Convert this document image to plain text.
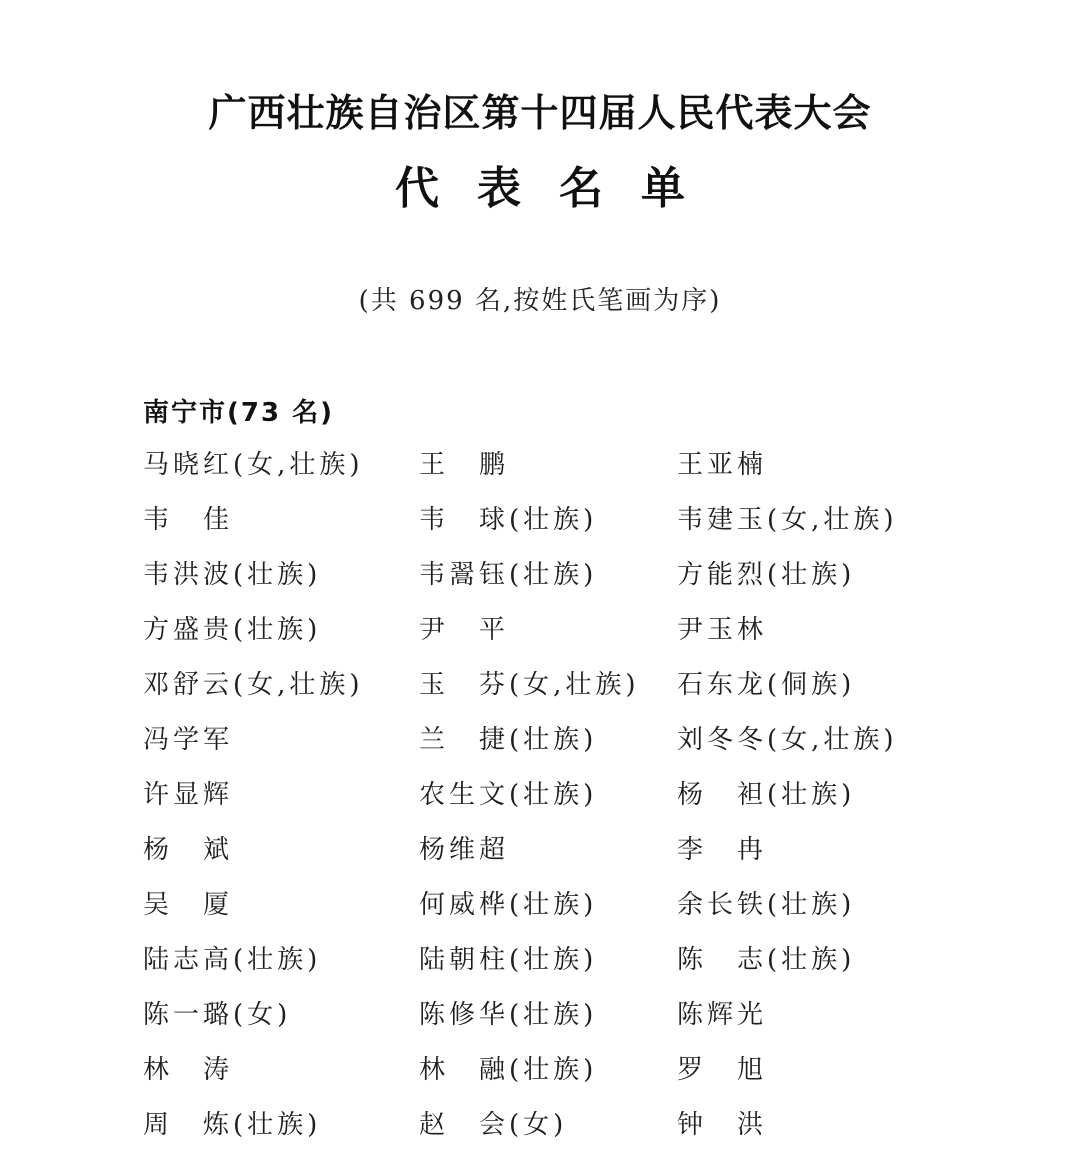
广西壮族自治区第十四届人民代表大会
代表名单
(共 699 名,按姓氏笔画为序)
南宁市(73 名)
马晓红(女,壮族) 王　鹏	王亚楠
韦　佳	韦　球(壮族)	韦建玉(女,壮族)
韦洪波(壮族)	韦翯钰(壮族)	方能烈(壮族)
方盛贵(壮族)	尹　平	尹玉林
邓舒云(女,壮族) 玉　芬(女,壮族) 石东龙(侗族)
冯学军	兰　捷(壮族)	刘冬冬(女,壮族)
许显辉	农生文(壮族)	杨　袒(壮族)
杨　斌	杨维超	李　冉
吴　厦	何威桦(壮族)	余长铁(壮族)
陆志高(壮族)	陆朝柱(壮族)	陈　志(壮族)
陈一璐(女)	陈修华(壮族)	陈辉光
林　涛	林　融(壮族)	罗　旭
周　炼(壮族)	赵　会(女)	钟　洪
